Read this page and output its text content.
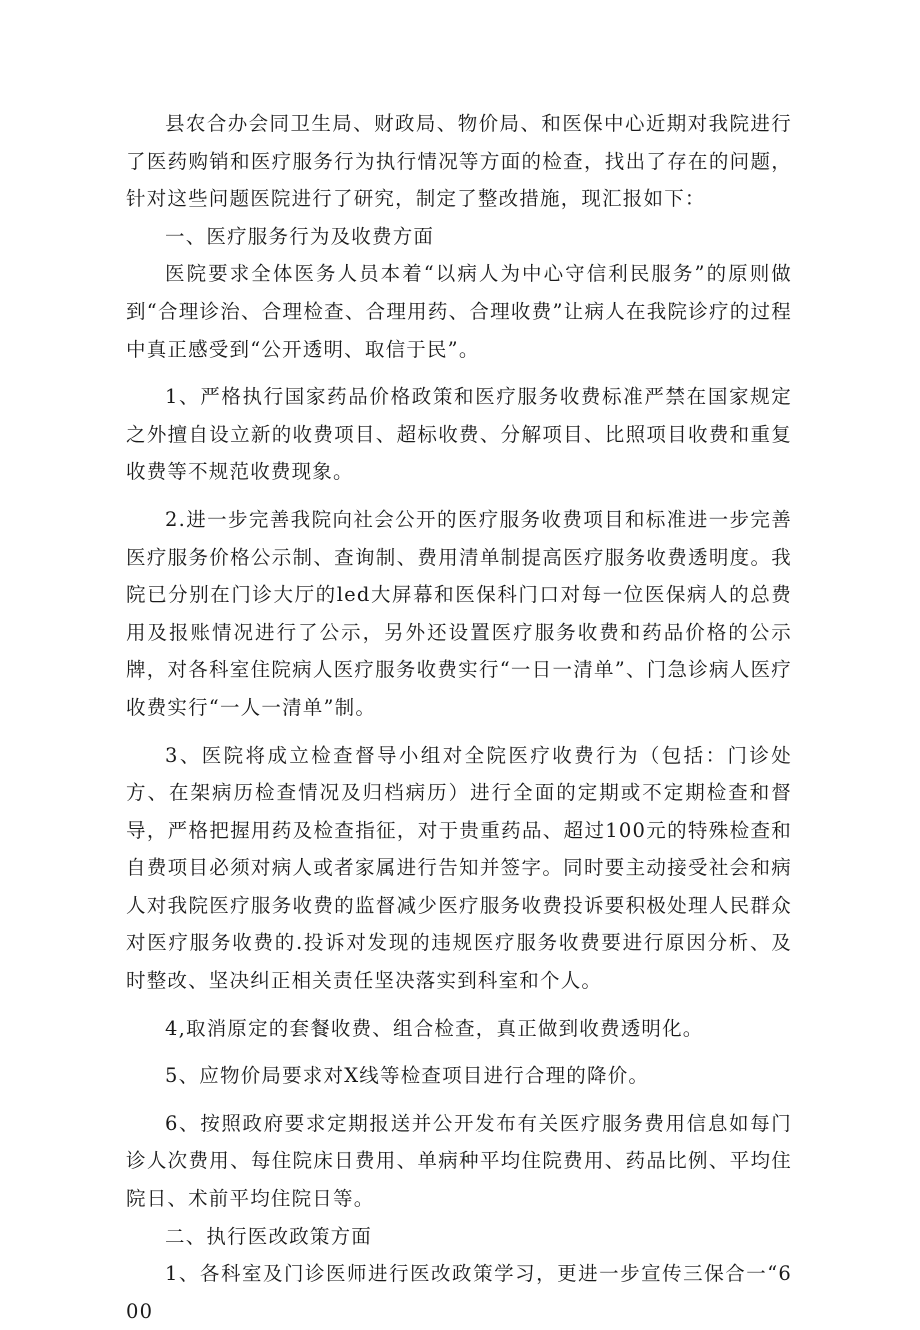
县农合办会同卫生局、财政局、物价局、和医保中心近期对我院进行了医药购销和医疗服务行为执行情况等方面的检查，找出了存在的问题，针对这些问题医院进行了研究，制定了整改措施，现汇报如下：

一、医疗服务行为及收费方面

医院要求全体医务人员本着“以病人为中心守信利民服务”的原则做到“合理诊治、合理检查、合理用药、合理收费”让病人在我院诊疗的过程中真正感受到“公开透明、取信于民”。

1、严格执行国家药品价格政策和医疗服务收费标准严禁在国家规定之外擅自设立新的收费项目、超标收费、分解项目、比照项目收费和重复收费等不规范收费现象。

2.进一步完善我院向社会公开的医疗服务收费项目和标准进一步完善医疗服务价格公示制、查询制、费用清单制提高医疗服务收费透明度。我院已分别在门诊大厅的led大屏幕和医保科门口对每一位医保病人的总费用及报账情况进行了公示，另外还设置医疗服务收费和药品价格的公示牌，对各科室住院病人医疗服务收费实行“一日一清单”、门急诊病人医疗收费实行“一人一清单”制。

3、医院将成立检查督导小组对全院医疗收费行为（包括：门诊处方、在架病历检查情况及归档病历）进行全面的定期或不定期检查和督导，严格把握用药及检查指征，对于贵重药品、超过100元的特殊检查和自费项目必须对病人或者家属进行告知并签字。同时要主动接受社会和病人对我院医疗服务收费的监督减少医疗服务收费投诉要积极处理人民群众对医疗服务收费的.投诉对发现的违规医疗服务收费要进行原因分析、及时整改、坚决纠正相关责任坚决落实到科室和个人。

4,取消原定的套餐收费、组合检查，真正做到收费透明化。

5、应物价局要求对X线等检查项目进行合理的降价。

6、按照政府要求定期报送并公开发布有关医疗服务费用信息如每门诊人次费用、每住院床日费用、单病种平均住院费用、药品比例、平均住院日、术前平均住院日等。

二、执行医改政策方面

1、各科室及门诊医师进行医改政策学习，更进一步宣传三保合一“600
